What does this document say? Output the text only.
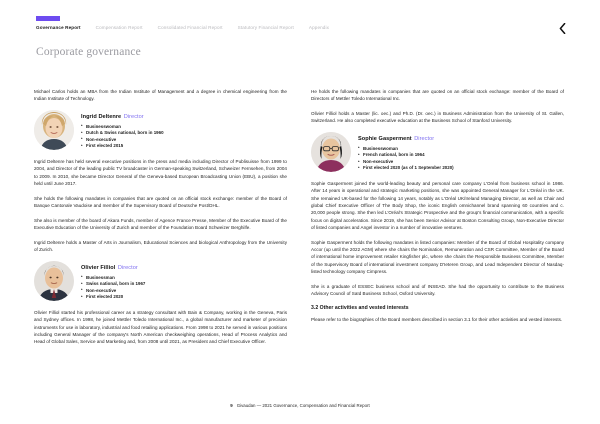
Governance Report	Compensation Report	Consolidated Financial Report	Statutory Financial Report	Appendix
Corporate governance

Michael Carlos holds an MBA from the Indian Institute of Management and a degree in chemical engineering from the Indian Institute of Technology.

Ingrid Deltenre Director
• Businesswoman
• Dutch & Swiss national, born in 1960
• Non-executive
• First elected 2015

Ingrid Deltenre has held several executive positions in the press and media including Director of Publisuisse from 1999 to 2004, and Director of the leading public TV broadcaster in German-speaking Switzerland, Schweizer Fernsehen, from 2004 to 2009. In 2010, she became Director General of the Geneva-based European Broadcasting Union (EBU), a position she held until June 2017.

She holds the following mandates in companies that are quoted on an official stock exchange: member of the Board of Banque Cantonale Vaudoise and member of the Supervisory Board of Deutsche Post/DHL.

She also is member of the board of Akara Funds, member of Agence France Presse, Member of the Executive Board of the Executive Education of the University of Zurich and member of the Foundation Board Schweizer Berghilfe.

Ingrid Deltenre holds a Master of Arts in Journalism, Educational Sciences and biological Anthropology from the University of Zurich.

Olivier Filliol Director
• Businessman
• Swiss national, born in 1967
• Non-executive
• First elected 2020

Olivier Filliol started his professional career as a strategy consultant with Bain & Company, working in the Geneva, Paris and Sydney offices. In 1998, he joined Mettler Toledo International Inc., a global manufacturer and marketer of precision instruments for use in laboratory, industrial and food retailing applications. From 1998 to 2021 he served in various positions including General Manager of the company's North American checkweighing operations, Head of Process Analytics and Head of Global Sales, Service and Marketing and, from 2008 until 2021, as President and Chief Executive Officer.

He holds the following mandates in companies that are quoted on an official stock exchange: member of the Board of Directors of Mettler Toledo International Inc.

Olivier Filliol holds a Master (lic. oec.) and Ph.D. (Dr. oec.) in Business Administration from the University of St. Gallen, Switzerland. He also completed executive education at the Business School of Stanford University.

Sophie Gasperment Director
• Businesswoman
• French national, born in 1964
• Non-executive
• First elected 2020 (as of 1 September 2020)

Sophie Gasperment joined the world-leading beauty and personal care company L'Oréal from business school in 1986. After 14 years in operational and strategic marketing positions, she was appointed General Manager for L'Oréal in the UK. She remained UK-based for the following 14 years, notably as L'Oréal UK/Ireland Managing Director, as well as Chair and global Chief Executive Officer of The Body Shop, the iconic English omnichannel brand spanning 60 countries and c. 20,000 people strong. She then led L'Oréal's Strategic Prospective and the group's financial communication, with a specific focus on digital acceleration. Since 2019, she has been Senior Advisor at Boston Consulting Group, Non-Executive Director of listed companies and Angel investor in a number of innovative ventures.

Sophie Gasperment holds the following mandates in listed companies: Member of the Board of Global Hospitality company Accor (up until the 2022 AGM) where she chairs the Nomination, Remuneration and CSR Committee, Member of the Board of international home improvement retailer Kingfisher plc, where she chairs the Responsible Business Committee, Member of the Supervisory Board of international investment company D'Ieteren Group, and Lead Independent Director of Nasdaq-listed technology company Cimpress.

She is a graduate of ESSEC business school and of INSEAD. She had the opportunity to contribute to the Business Advisory Council of Saïd Business School, Oxford University.

3.2 Other activities and vested interests

Please refer to the biographies of the Board members described in section 3.1 for their other activities and vested interests.

9 Givaudan — 2021 Governance, Compensation and Financial Report
